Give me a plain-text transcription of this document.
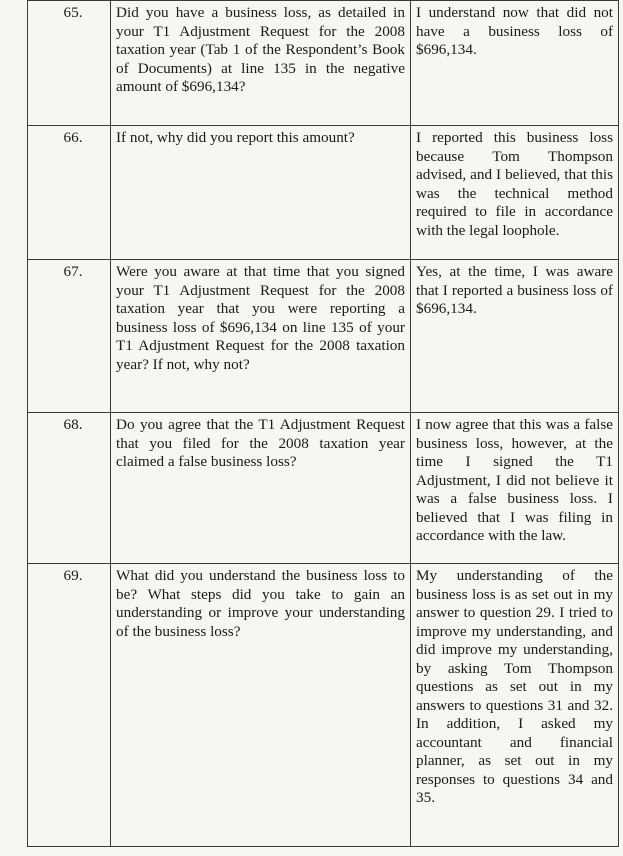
65.	Did you have a business loss, as detailed in your T1 Adjustment Request for the 2008 taxation year (Tab 1 of the Respondent’s Book of Documents) at line 135 in the negative amount of $696,134?	I understand now that did not have a business loss of $696,134.
66.	If not, why did you report this amount?	I reported this business loss because Tom Thompson advised, and I believed, that this was the technical method required to file in accordance with the legal loophole.
67.	Were you aware at that time that you signed your T1 Adjustment Request for the 2008 taxation year that you were reporting a business loss of $696,134 on line 135 of your T1 Adjustment Request for the 2008 taxation year? If not, why not?	Yes, at the time, I was aware that I reported a business loss of $696,134.
68.	Do you agree that the T1 Adjustment Request that you filed for the 2008 taxation year claimed a false business loss?	I now agree that this was a false business loss, however, at the time I signed the T1 Adjustment, I did not believe it was a false business loss. I believed that I was filing in accordance with the law.
69.	What did you understand the business loss to be? What steps did you take to gain an understanding or improve your understanding of the business loss?	My understanding of the business loss is as set out in my answer to question 29. I tried to improve my understanding, and did improve my understanding, by asking Tom Thompson questions as set out in my answers to questions 31 and 32. In addition, I asked my accountant and financial planner, as set out in my responses to questions 34 and 35.
